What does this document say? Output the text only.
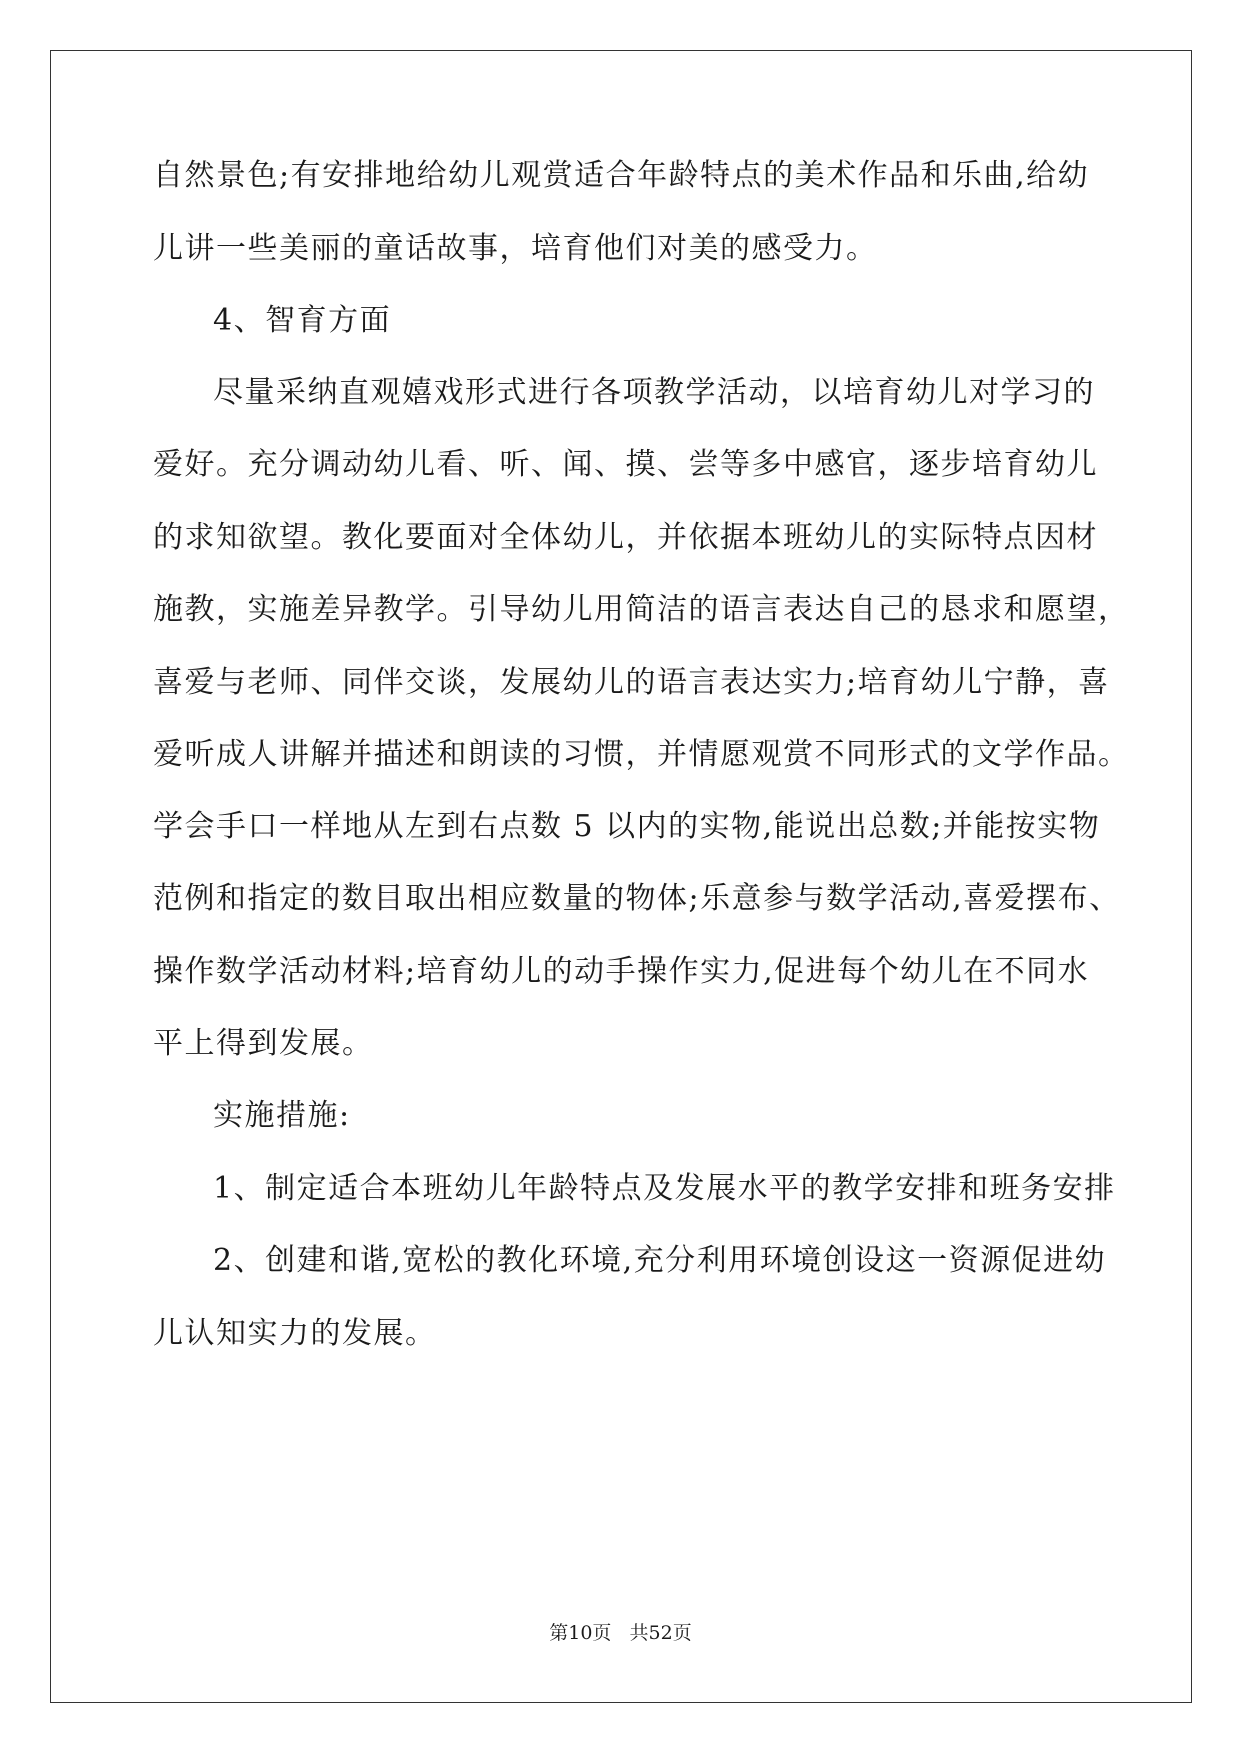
自然景色;有安排地给幼儿观赏适合年龄特点的美术作品和乐曲,给幼
儿讲一些美丽的童话故事，培育他们对美的感受力。
4、智育方面
尽量采纳直观嬉戏形式进行各项教学活动，以培育幼儿对学习的
爱好。充分调动幼儿看、听、闻、摸、尝等多中感官，逐步培育幼儿
的求知欲望。教化要面对全体幼儿，并依据本班幼儿的实际特点因材
施教，实施差异教学。引导幼儿用简洁的语言表达自己的恳求和愿望，
喜爱与老师、同伴交谈，发展幼儿的语言表达实力;培育幼儿宁静，喜
爱听成人讲解并描述和朗读的习惯，并情愿观赏不同形式的文学作品。
学会手口一样地从左到右点数 5 以内的实物,能说出总数;并能按实物
范例和指定的数目取出相应数量的物体;乐意参与数学活动,喜爱摆布、
操作数学活动材料;培育幼儿的动手操作实力,促进每个幼儿在不同水
平上得到发展。
实施措施:
1、制定适合本班幼儿年龄特点及发展水平的教学安排和班务安排
2、创建和谐,宽松的教化环境,充分利用环境创设这一资源促进幼
儿认知实力的发展。
第10页   共52页
